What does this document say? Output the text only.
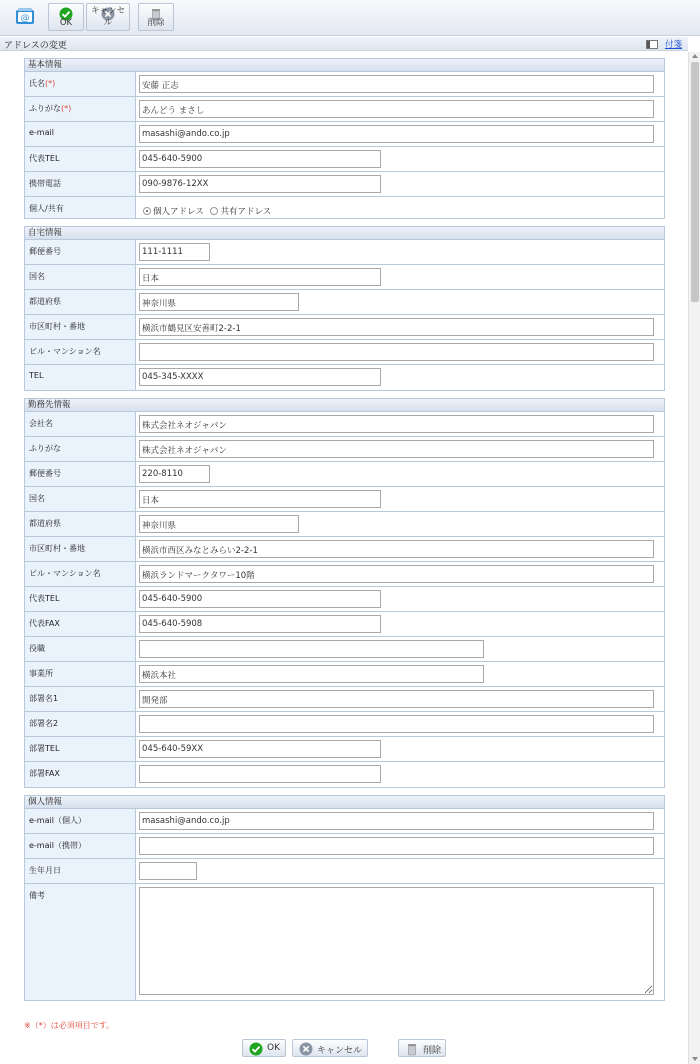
@	OK
キャンセル	削除
アドレスの変更	付箋
基本情報
氏名(*)	安藤 正志
ふりがな(*)	あんどう まさし
e-mail	masashi@ando.co.jp
代表TEL	045-640-5900
携帯電話	090-9876-12XX
個人/共有	個人アドレス 共有アドレス
自宅情報
郵便番号	111-1111
国名	日本
都道府県	神奈川県
市区町村・番地	横浜市鶴見区安善町2-2-1
ビル・マンション名
TEL	045-345-XXXX
勤務先情報
会社名	株式会社ネオジャパン
ふりがな	株式会社ネオジャパン
郵便番号	220-8110
国名	日本
都道府県	神奈川県
市区町村・番地	横浜市西区みなとみらい2-2-1
ビル・マンション名	横浜ランドマークタワー10階
代表TEL	045-640-5900
代表FAX	045-640-5908
役職
事業所	横浜本社
部署名1	開発部
部署名2
部署TEL	045-640-59XX
部署FAX
個人情報
e-mail（個人）	masashi@ando.co.jp
e-mail（携帯）
生年月日
備考
※（*）は必須項目です。
OK	キャンセル	削除
